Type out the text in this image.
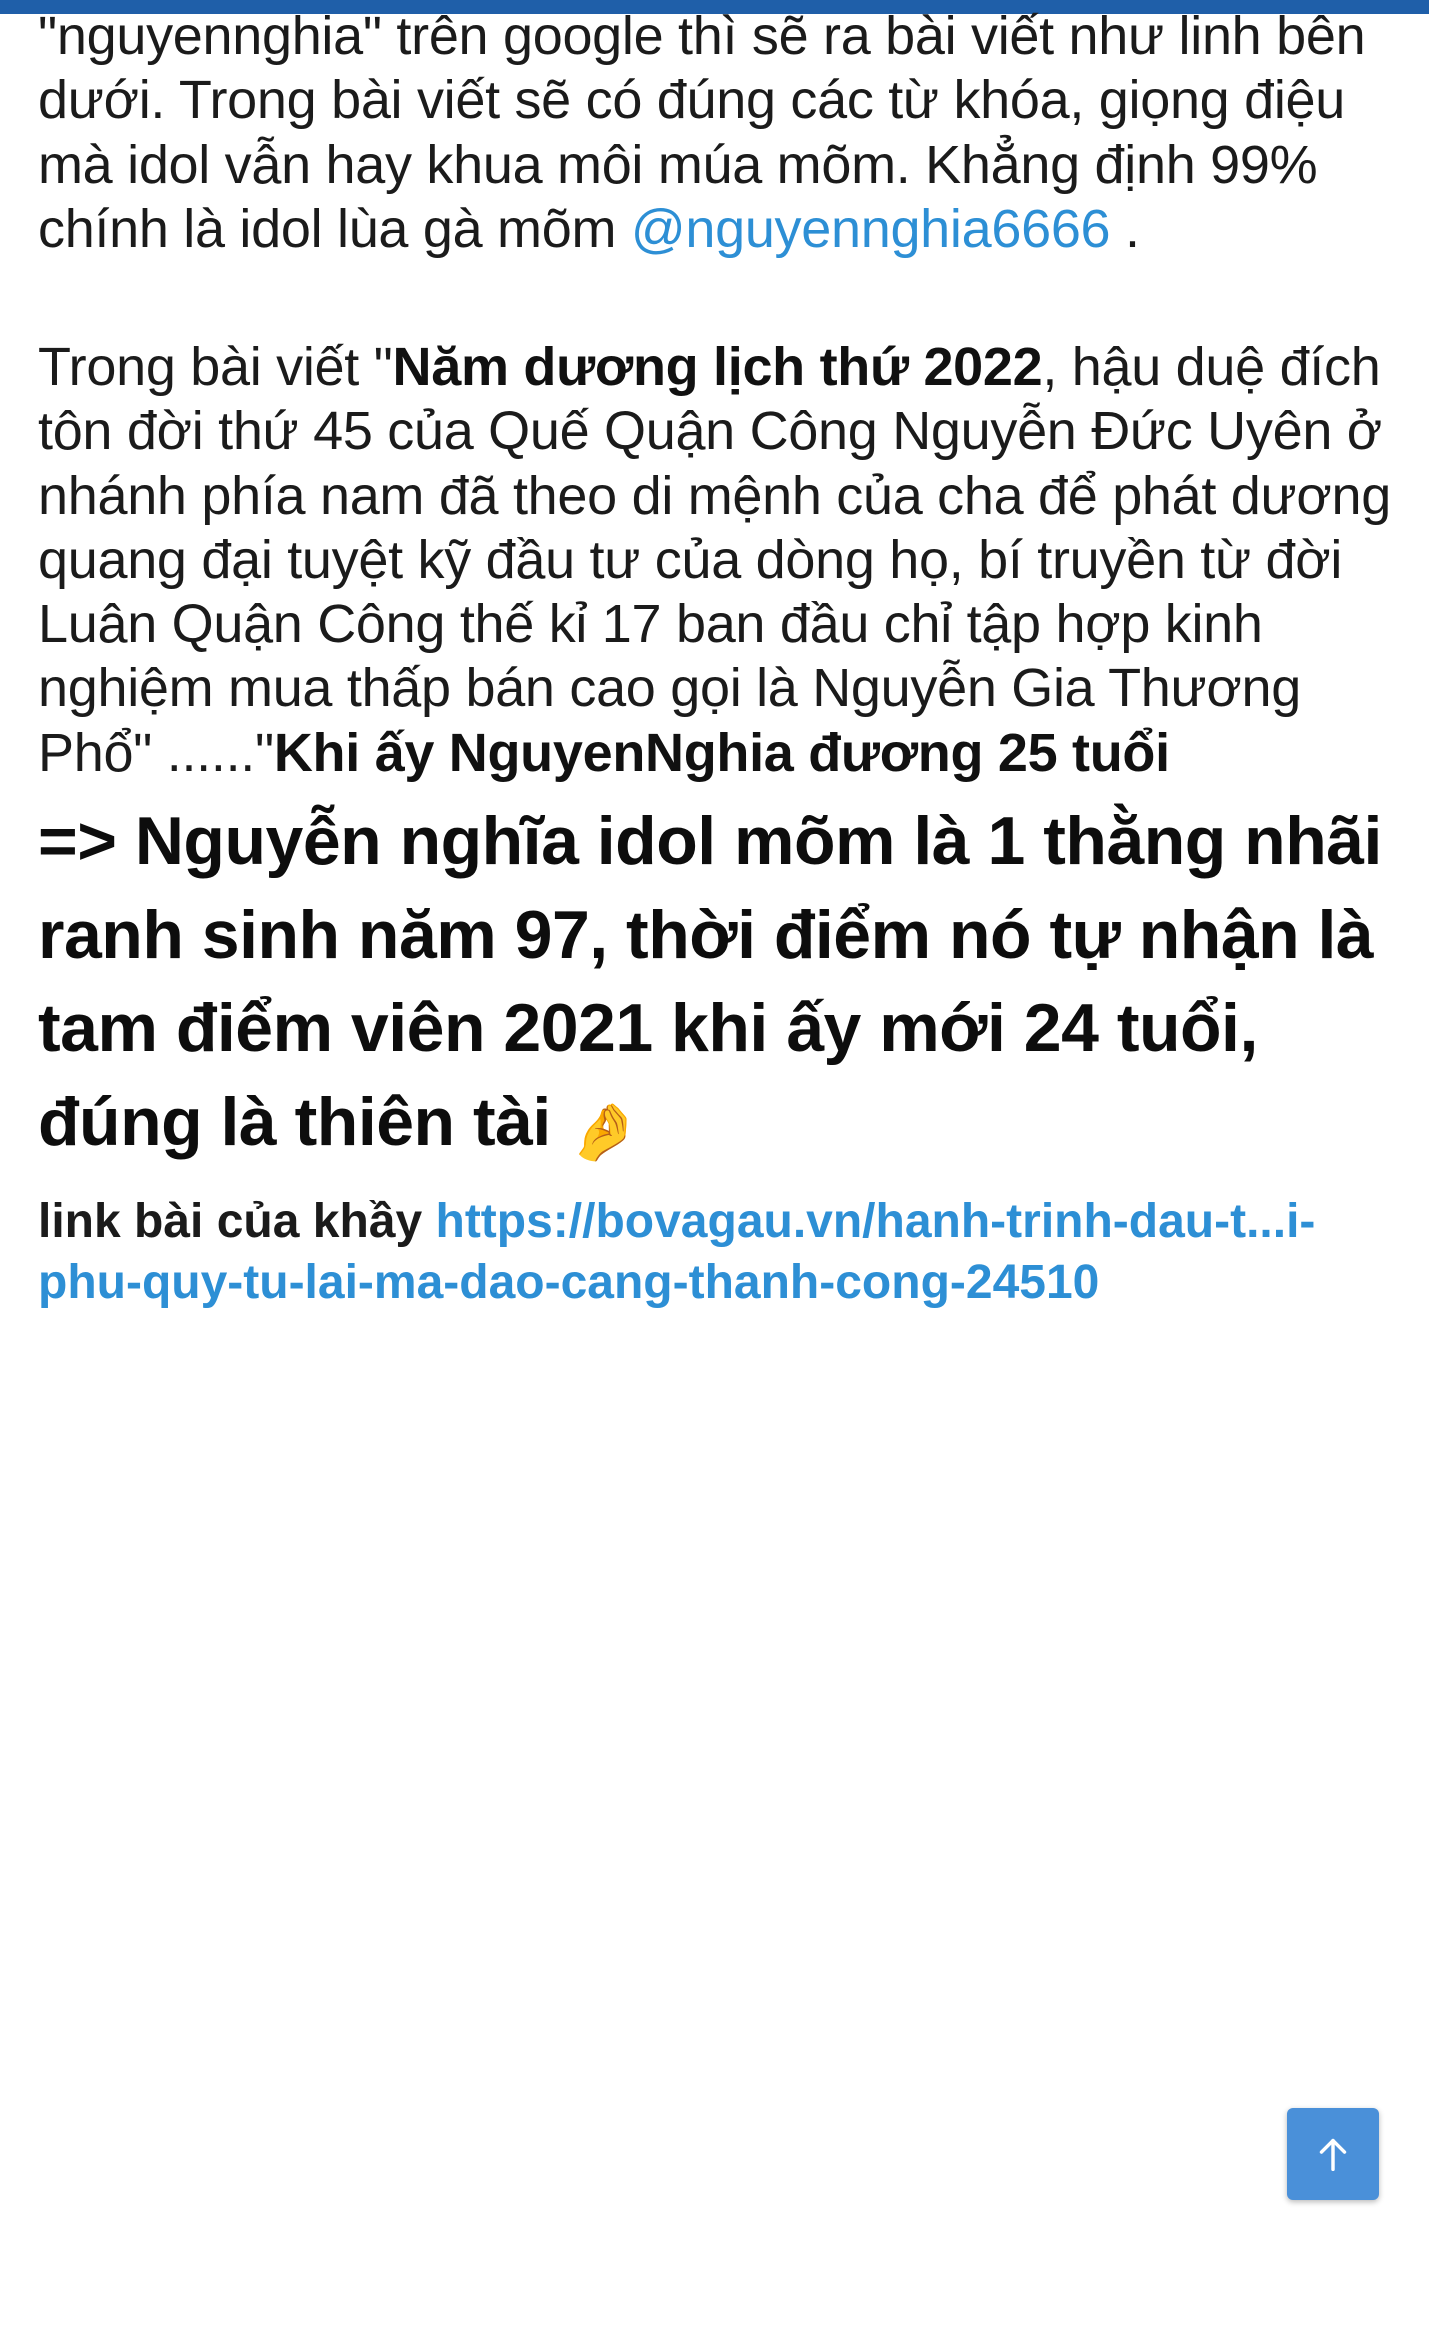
"nguyennghia" trên google thì sẽ ra bài viết như linh bên dưới. Trong bài viết sẽ có đúng các từ khóa, giọng điệu mà idol vẫn hay khua môi múa mõm. Khẳng định 99% chính là idol lùa gà mõm @nguyennghia6666 .
Trong bài viết "Năm dương lịch thứ 2022, hậu duệ đích tôn đời thứ 45 của Quế Quận Công Nguyễn Đức Uyên ở nhánh phía nam đã theo di mệnh của cha để phát dương quang đại tuyệt kỹ đầu tư của dòng họ, bí truyền từ đời Luân Quận Công thế kỉ 17 ban đầu chỉ tập hợp kinh nghiệm mua thấp bán cao gọi là Nguyễn Gia Thương Phổ" ......"Khi ấy NguyenNghia đương 25 tuổi
=> Nguyễn nghĩa idol mõm là 1 thằng nhãi ranh sinh năm 97, thời điểm nó tự nhận là tam điểm viên 2021 khi ấy mới 24 tuổi, đúng là thiên tài 🤌
link bài của khầy https://bovagau.vn/hanh-trinh-dau-t...i-phu-quy-tu-lai-ma-dao-cang-thanh-cong-24510
